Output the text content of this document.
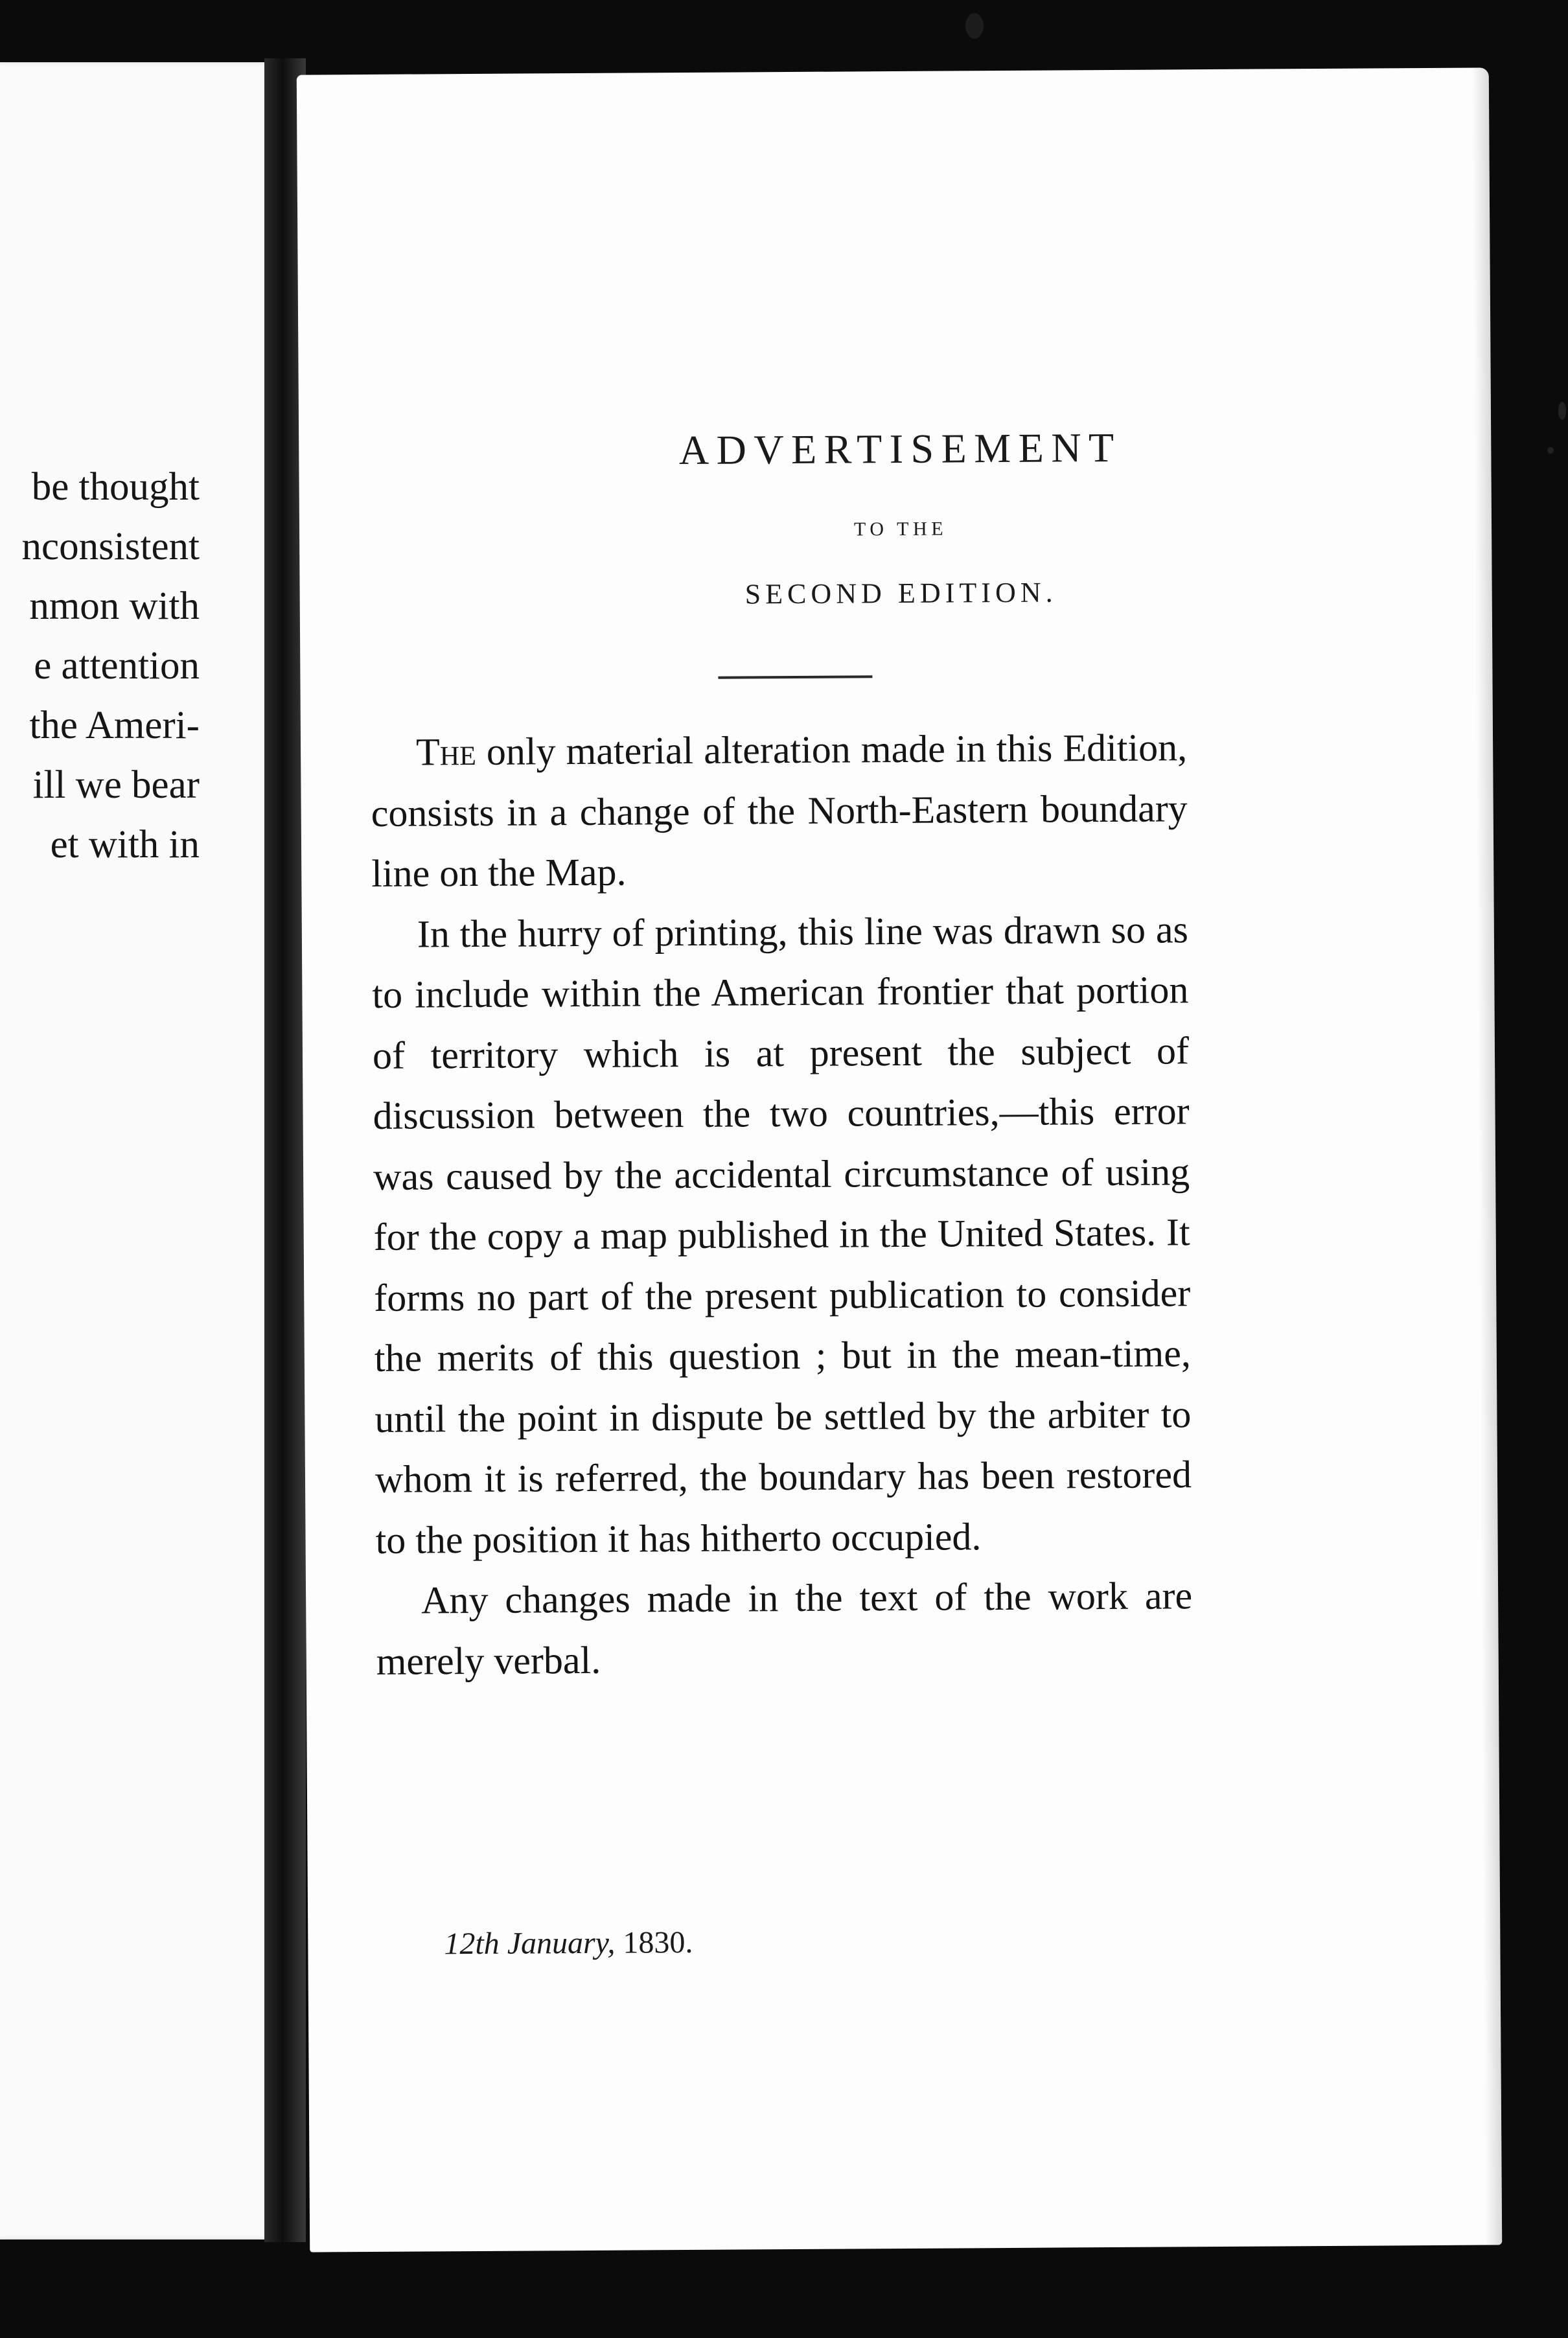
be thought
nconsistent
nmon with
e attention
the Ameri-
ill we bear
et with in
ADVERTISEMENT
TO THE
SECOND EDITION.

The only material alteration made in this Edition, consists in a change of the North-Eastern boundary line on the Map.

In the hurry of printing, this line was drawn so as to include within the American frontier that portion of territory which is at present the subject of discussion between the two countries,—this error was caused by the accidental circumstance of using for the copy a map published in the United States. It forms no part of the present publication to consider the merits of this question ; but in the mean-time, until the point in dispute be settled by the arbiter to whom it is referred, the boundary has been restored to the position it has hitherto occupied.

Any changes made in the text of the work are merely verbal.

12th January, 1830.
